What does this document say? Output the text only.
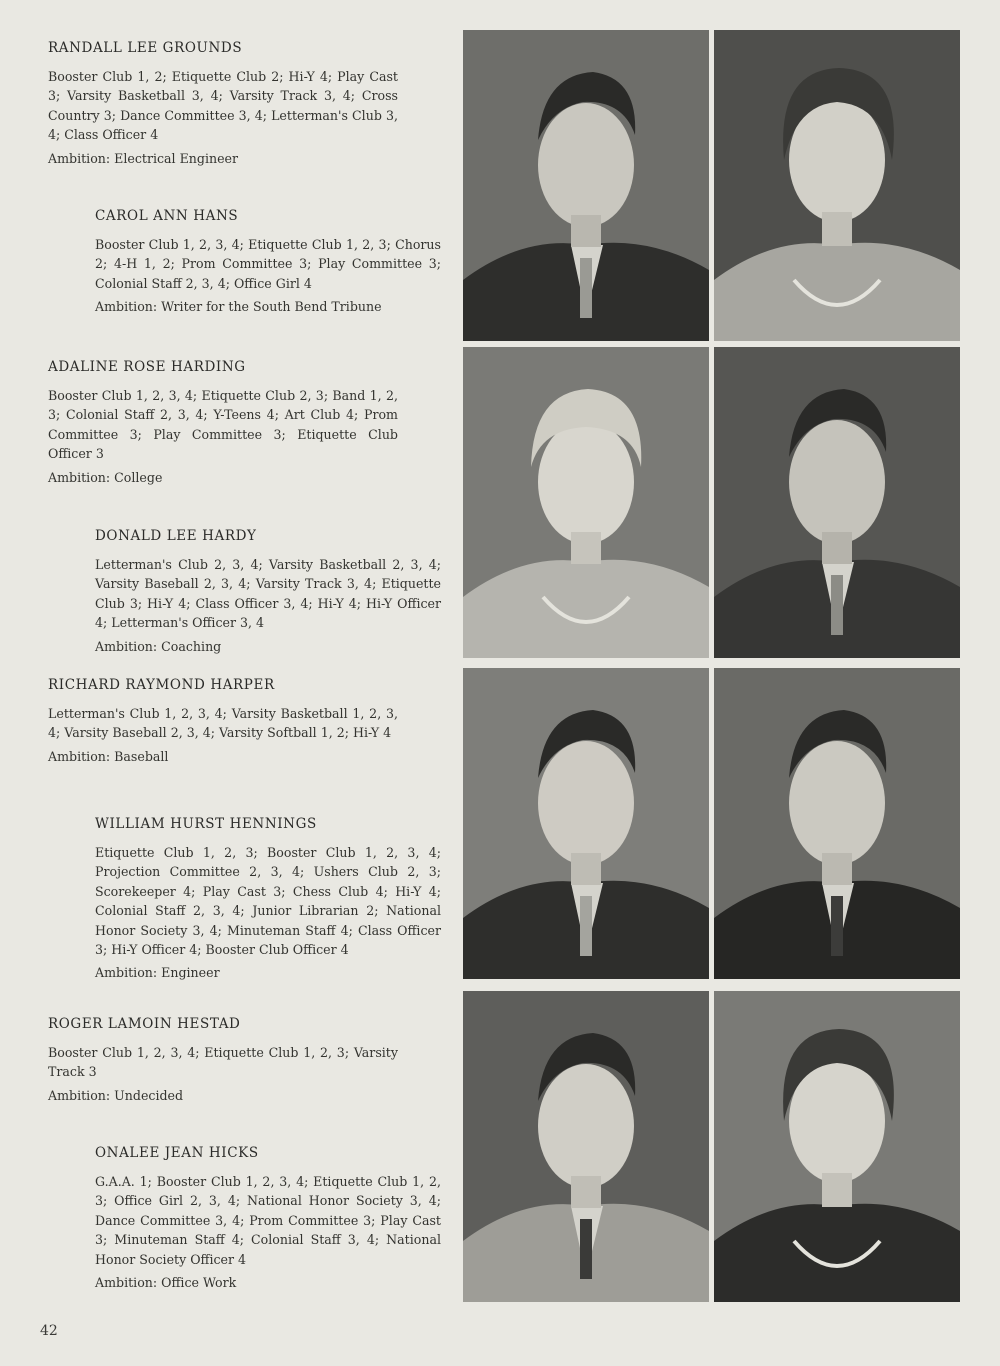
RANDALL LEE GROUNDS

Booster Club 1, 2; Etiquette Club 2; Hi-Y 4; Play Cast 3; Varsity Basketball 3, 4; Varsity Track 3, 4; Cross Country 3; Dance Committee 3, 4; Letterman's Club 3, 4; Class Officer 4

Ambition: Electrical Engineer

CAROL ANN HANS

Booster Club 1, 2, 3, 4; Etiquette Club 1, 2, 3; Chorus 2; 4-H 1, 2; Prom Committee 3; Play Committee 3; Colonial Staff 2, 3, 4; Office Girl 4

Ambition: Writer for the South Bend Tribune

ADALINE ROSE HARDING

Booster Club 1, 2, 3, 4; Etiquette Club 2, 3; Band 1, 2, 3; Colonial Staff 2, 3, 4; Y-Teens 4; Art Club 4; Prom Committee 3; Play Committee 3; Etiquette Club Officer 3

Ambition: College

DONALD LEE HARDY

Letterman's Club 2, 3, 4; Varsity Basketball 2, 3, 4; Varsity Baseball 2, 3, 4; Varsity Track 3, 4; Etiquette Club 3; Hi-Y 4; Class Officer 3, 4; Hi-Y 4; Hi-Y Officer 4; Letterman's Officer 3, 4

Ambition: Coaching

RICHARD RAYMOND HARPER

Letterman's Club 1, 2, 3, 4; Varsity Basketball 1, 2, 3, 4; Varsity Baseball 2, 3, 4; Varsity Softball 1, 2; Hi-Y 4

Ambition: Baseball

WILLIAM HURST HENNINGS

Etiquette Club 1, 2, 3; Booster Club 1, 2, 3, 4; Projection Committee 2, 3, 4; Ushers Club 2, 3; Scorekeeper 4; Play Cast 3; Chess Club 4; Hi-Y 4; Colonial Staff 2, 3, 4; Junior Librarian 2; National Honor Society 3, 4; Minuteman Staff 4; Class Officer 3; Hi-Y Officer 4; Booster Club Officer 4

Ambition: Engineer

ROGER LAMOIN HESTAD

Booster Club 1, 2, 3, 4; Etiquette Club 1, 2, 3; Varsity Track 3

Ambition: Undecided

ONALEE JEAN HICKS

G.A.A. 1; Booster Club 1, 2, 3, 4; Etiquette Club 1, 2, 3; Office Girl 2, 3, 4; National Honor Society 3, 4; Dance Committee 3, 4; Prom Committee 3; Play Cast 3; Minuteman Staff 4; Colonial Staff 3, 4; National Honor Society Officer 4

Ambition: Office Work

42
